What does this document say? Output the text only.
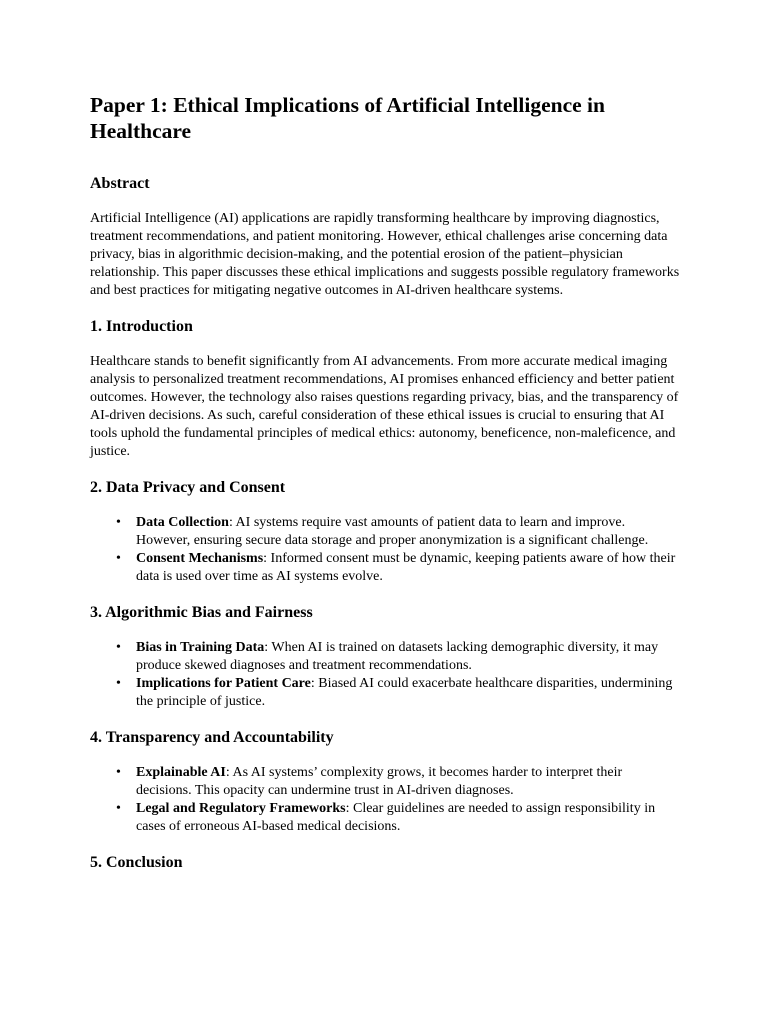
Paper 1: Ethical Implications of Artificial Intelligence in Healthcare
Abstract

Artificial Intelligence (AI) applications are rapidly transforming healthcare by improving diagnostics, treatment recommendations, and patient monitoring. However, ethical challenges arise concerning data privacy, bias in algorithmic decision-making, and the potential erosion of the patient–physician relationship. This paper discusses these ethical implications and suggests possible regulatory frameworks and best practices for mitigating negative outcomes in AI-driven healthcare systems.

1. Introduction

Healthcare stands to benefit significantly from AI advancements. From more accurate medical imaging analysis to personalized treatment recommendations, AI promises enhanced efficiency and better patient outcomes. However, the technology also raises questions regarding privacy, bias, and the transparency of AI-driven decisions. As such, careful consideration of these ethical issues is crucial to ensuring that AI tools uphold the fundamental principles of medical ethics: autonomy, beneficence, non-maleficence, and justice.

2. Data Privacy and Consent
• Data Collection: AI systems require vast amounts of patient data to learn and improve. However, ensuring secure data storage and proper anonymization is a significant challenge.
• Consent Mechanisms: Informed consent must be dynamic, keeping patients aware of how their data is used over time as AI systems evolve.
3. Algorithmic Bias and Fairness
• Bias in Training Data: When AI is trained on datasets lacking demographic diversity, it may produce skewed diagnoses and treatment recommendations.
• Implications for Patient Care: Biased AI could exacerbate healthcare disparities, undermining the principle of justice.
4. Transparency and Accountability
• Explainable AI: As AI systems’ complexity grows, it becomes harder to interpret their decisions. This opacity can undermine trust in AI-driven diagnoses.
• Legal and Regulatory Frameworks: Clear guidelines are needed to assign responsibility in cases of erroneous AI-based medical decisions.
5. Conclusion
